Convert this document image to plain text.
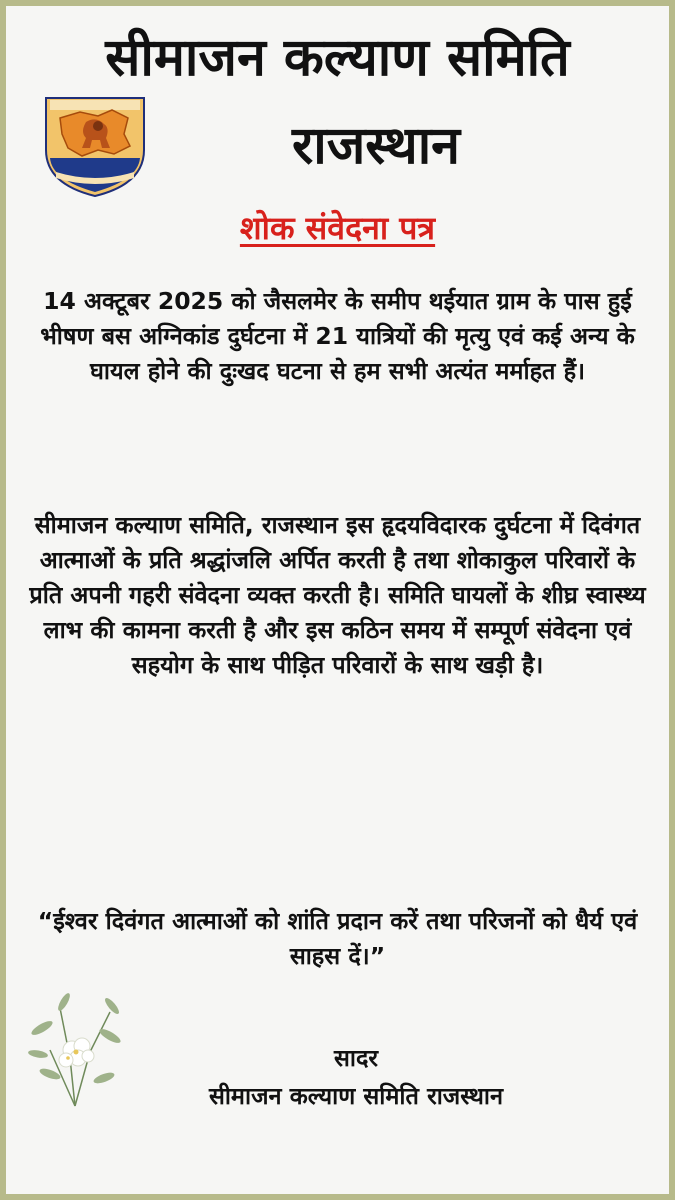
सीमाजन कल्याण समिति
राजस्थान
शोक संवेदना पत्र
14 अक्टूबर 2025 को जैसलमेर के समीप थईयात ग्राम के पास हुई भीषण बस अग्निकांड दुर्घटना में 21 यात्रियों की मृत्यु एवं कई अन्य के घायल होने की दुःखद घटना से हम सभी अत्यंत मर्माहत हैं।
सीमाजन कल्याण समिति, राजस्थान इस हृदयविदारक दुर्घटना में दिवंगत आत्माओं के प्रति श्रद्धांजलि अर्पित करती है तथा शोकाकुल परिवारों के प्रति अपनी गहरी संवेदना व्यक्त करती है। समिति घायलों के शीघ्र स्वास्थ्य लाभ की कामना करती है और इस कठिन समय में सम्पूर्ण संवेदना एवं सहयोग के साथ पीड़ित परिवारों के साथ खड़ी है।
“ईश्वर दिवंगत आत्माओं को शांति प्रदान करें तथा परिजनों को धैर्य एवं साहस दें।”
सादर
सीमाजन कल्याण समिति राजस्थान
